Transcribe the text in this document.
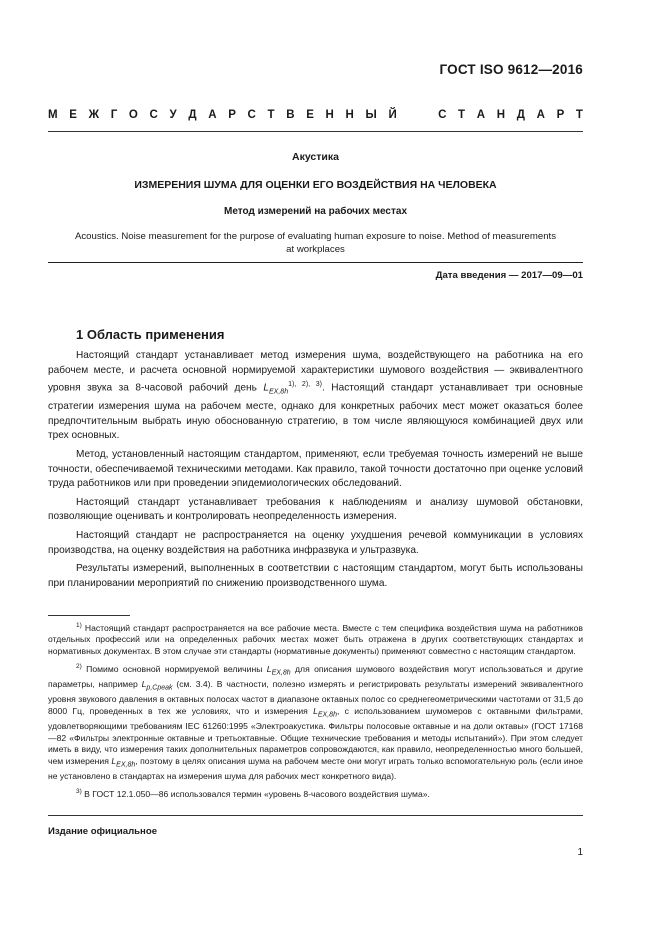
ГОСТ ISO 9612—2016
М Е Ж Г О С У Д А Р С Т В Е Н Н Ы Й	С Т А Н Д А Р Т
Акустика
ИЗМЕРЕНИЯ ШУМА ДЛЯ ОЦЕНКИ ЕГО ВОЗДЕЙСТВИЯ НА ЧЕЛОВЕКА
Метод измерений на рабочих местах
Acoustics. Noise measurement for the purpose of evaluating human exposure to noise. Method of measurements at workplaces
Дата введения — 2017—09—01
1 Область применения

Настоящий стандарт устанавливает метод измерения шума, воздействующего на работника на его рабочем месте, и расчета основной нормируемой характеристики шумового воздействия — эквивалентного уровня звука за 8-часовой рабочий день $L_{EX,8h}^{1), 2), 3)}$. Настоящий стандарт устанавливает три основные стратегии измерения шума на рабочем месте, однако для конкретных рабочих мест может оказаться более предпочтительным выбрать иную обоснованную стратегию, в том числе являющуюся комбинацией двух или трех основных.

Метод, установленный настоящим стандартом, применяют, если требуемая точность измерений не выше точности, обеспечиваемой техническими методами. Как правило, такой точности достаточно при оценке условий труда работников или при проведении эпидемиологических обследований.

Настоящий стандарт устанавливает требования к наблюдениям и анализу шумовой обстановки, позволяющие оценивать и контролировать неопределенность измерения.

Настоящий стандарт не распространяется на оценку ухудшения речевой коммуникации в условиях производства, на оценку воздействия на работника инфразвука и ультразвука.

Результаты измерений, выполненных в соответствии с настоящим стандартом, могут быть использованы при планировании мероприятий по снижению производственного шума.

$^{1)}$ Настоящий стандарт распространяется на все рабочие места. Вместе с тем специфика воздействия шума на работников отдельных профессий или на определенных рабочих местах может быть отражена в других соответствующих стандартах и нормативных документах. В этом случае эти стандарты (нормативные документы) применяют совместно с настоящим стандартом.

$^{2)}$ Помимо основной нормируемой величины $L_{EX,8h}$ для описания шумового воздействия могут использоваться и другие параметры, например $L_{p,Cpeak}$ (см. 3.4). В частности, полезно измерять и регистрировать результаты измерений эквивалентного уровня звукового давления в октавных полосах частот в диапазоне октавных полос со среднегеометрическими частотами от 31,5 до 8000 Гц, проведенных в тех же условиях, что и измерения $L_{EX,8h}$, с использованием шумомеров с октавными фильтрами, удовлетворяющими требованиям IEC 61260:1995 «Электроакустика. Фильтры полосовые октавные и на доли октавы» (ГОСТ 17168—82 «Фильтры электронные октавные и третьоктавные. Общие технические требования и методы испытаний»). При этом следует иметь в виду, что измерения таких дополнительных параметров сопровождаются, как правило, неопределенностью много большей, чем измерения $L_{EX,8h}$, поэтому в целях описания шума на рабочем месте они могут играть только вспомогательную роль (если иное не установлено в стандартах на измерения шума для рабочих мест конкретного вида).

$^{3)}$ В ГОСТ 12.1.050—86 использовался термин «уровень 8-часового воздействия шума».

Издание официальное
1
